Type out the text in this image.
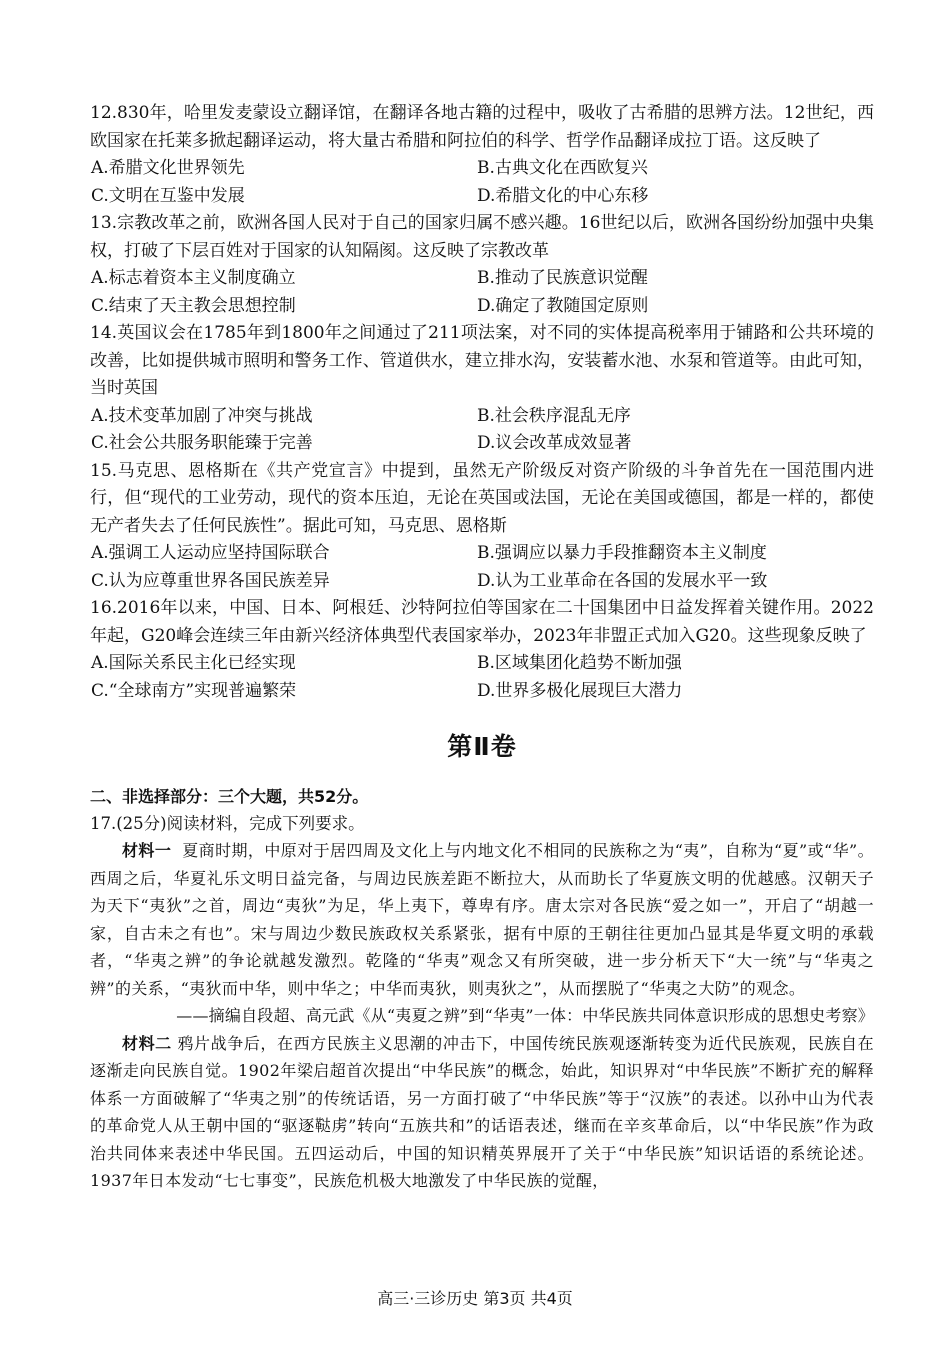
12.830年，哈里发麦蒙设立翻译馆，在翻译各地古籍的过程中，吸收了古希腊的思辨方法。12世纪，西欧国家在托莱多掀起翻译运动，将大量古希腊和阿拉伯的科学、哲学作品翻译成拉丁语。这反映了
A.希腊文化世界领先	B.古典文化在西欧复兴
C.文明在互鉴中发展	D.希腊文化的中心东移
13.宗教改革之前，欧洲各国人民对于自己的国家归属不感兴趣。16世纪以后，欧洲各国纷纷加强中央集权，打破了下层百姓对于国家的认知隔阂。这反映了宗教改革
A.标志着资本主义制度确立	B.推动了民族意识觉醒
C.结束了天主教会思想控制	D.确定了教随国定原则
14.英国议会在1785年到1800年之间通过了211项法案，对不同的实体提高税率用于铺路和公共环境的改善，比如提供城市照明和警务工作、管道供水，建立排水沟，安装蓄水池、水泵和管道等。由此可知，当时英国
A.技术变革加剧了冲突与挑战	B.社会秩序混乱无序
C.社会公共服务职能臻于完善	D.议会改革成效显著
15.马克思、恩格斯在《共产党宣言》中提到，虽然无产阶级反对资产阶级的斗争首先在一国范围内进行，但“现代的工业劳动，现代的资本压迫，无论在英国或法国，无论在美国或德国，都是一样的，都使无产者失去了任何民族性”。据此可知，马克思、恩格斯
A.强调工人运动应坚持国际联合	B.强调应以暴力手段推翻资本主义制度
C.认为应尊重世界各国民族差异	D.认为工业革命在各国的发展水平一致
16.2016年以来，中国、日本、阿根廷、沙特阿拉伯等国家在二十国集团中日益发挥着关键作用。2022年起，G20峰会连续三年由新兴经济体典型代表国家举办，2023年非盟正式加入G20。这些现象反映了
A.国际关系民主化已经实现	B.区域集团化趋势不断加强
C.“全球南方”实现普遍繁荣	D.世界多极化展现巨大潜力
第Ⅱ卷
二、非选择部分：三个大题，共52分。
17.(25分)阅读材料，完成下列要求。

材料一 夏商时期，中原对于居四周及文化上与内地文化不相同的民族称之为“夷”，自称为“夏”或“华”。西周之后，华夏礼乐文明日益完备，与周边民族差距不断拉大，从而助长了华夏族文明的优越感。汉朝天子为天下“夷狄”之首，周边“夷狄”为足，华上夷下，尊卑有序。唐太宗对各民族“爱之如一”，开启了“胡越一家，自古未之有也”。宋与周边少数民族政权关系紧张，据有中原的王朝往往更加凸显其是华夏文明的承载者，“华夷之辨”的争论就越发激烈。乾隆的“华夷”观念又有所突破，进一步分析天下“大一统”与“华夷之辨”的关系，“夷狄而中华，则中华之；中华而夷狄，则夷狄之”，从而摆脱了“华夷之大防”的观念。

——摘编自段超、高元武《从“夷夏之辨”到“华夷”一体：中华民族共同体意识形成的思想史考察》

材料二 鸦片战争后，在西方民族主义思潮的冲击下，中国传统民族观逐渐转变为近代民族观，民族自在逐渐走向民族自觉。1902年梁启超首次提出“中华民族”的概念，始此，知识界对“中华民族”不断扩充的解释体系一方面破解了“华夷之别”的传统话语，另一方面打破了“中华民族”等于“汉族”的表述。以孙中山为代表的革命党人从王朝中国的“驱逐鞑虏”转向“五族共和”的话语表述，继而在辛亥革命后，以“中华民族”作为政治共同体来表述中华民国。五四运动后，中国的知识精英界展开了关于“中华民族”知识话语的系统论述。1937年日本发动“七七事变”，民族危机极大地激发了中华民族的觉醒，

高三·三诊历史 第3页 共4页
